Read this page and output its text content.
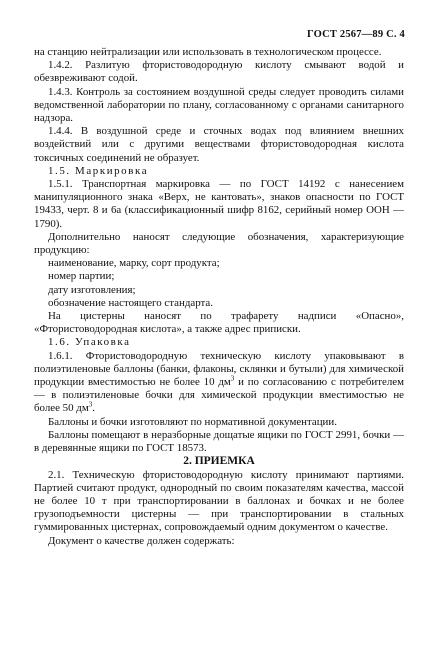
ГОСТ 2567—89 С. 4

на станцию нейтрализации или использовать в технологическом процессе.

1.4.2. Разлитую фтористоводородную кислоту смывают водой и обезвреживают содой.

1.4.3. Контроль за состоянием воздушной среды следует проводить силами ведомственной лаборатории по плану, согласованному с органами санитарного надзора.

1.4.4. В воздушной среде и сточных водах под влиянием внешних воздействий или с другими веществами фтористоводородная кислота токсичных соединений не образует.

1.5. Маркировка

1.5.1. Транспортная маркировка — по ГОСТ 14192 с нанесением манипуляционного знака «Верх, не кантовать», знаков опасности по ГОСТ 19433, черт. 8 и 6а (классификационный шифр 8162, серийный номер ООН — 1790).

Дополнительно наносят следующие обозначения, характеризующие продукцию:

наименование, марку, сорт продукта;

номер партии;

дату изготовления;

обозначение настоящего стандарта.

На цистерны наносят по трафарету надписи «Опасно», «Фтористоводородная кислота», а также адрес приписки.

1.6. Упаковка

1.6.1. Фтористоводородную техническую кислоту упаковывают в полиэтиленовые баллоны (банки, флаконы, склянки и бутыли) для химической продукции вместимостью не более 10 $дм^3$ и по согласованию с потребителем — в полиэтиленовые бочки для химической продукции вместимостью не более 50 $дм^3$.

Баллоны и бочки изготовляют по нормативной документации.

Баллоны помещают в неразборные дощатые ящики по ГОСТ 2991, бочки — в деревянные ящики по ГОСТ 18573.

2. ПРИЕМКА

2.1. Техническую фтористоводородную кислоту принимают партиями. Партией считают продукт, однородный по своим показателям качества, массой не более 10 т при транспортировании в баллонах и бочках и не более грузоподъемности цистерны — при транспортировании в стальных гуммированных цистернах, сопровождаемый одним документом о качестве.

Документ о качестве должен содержать:
